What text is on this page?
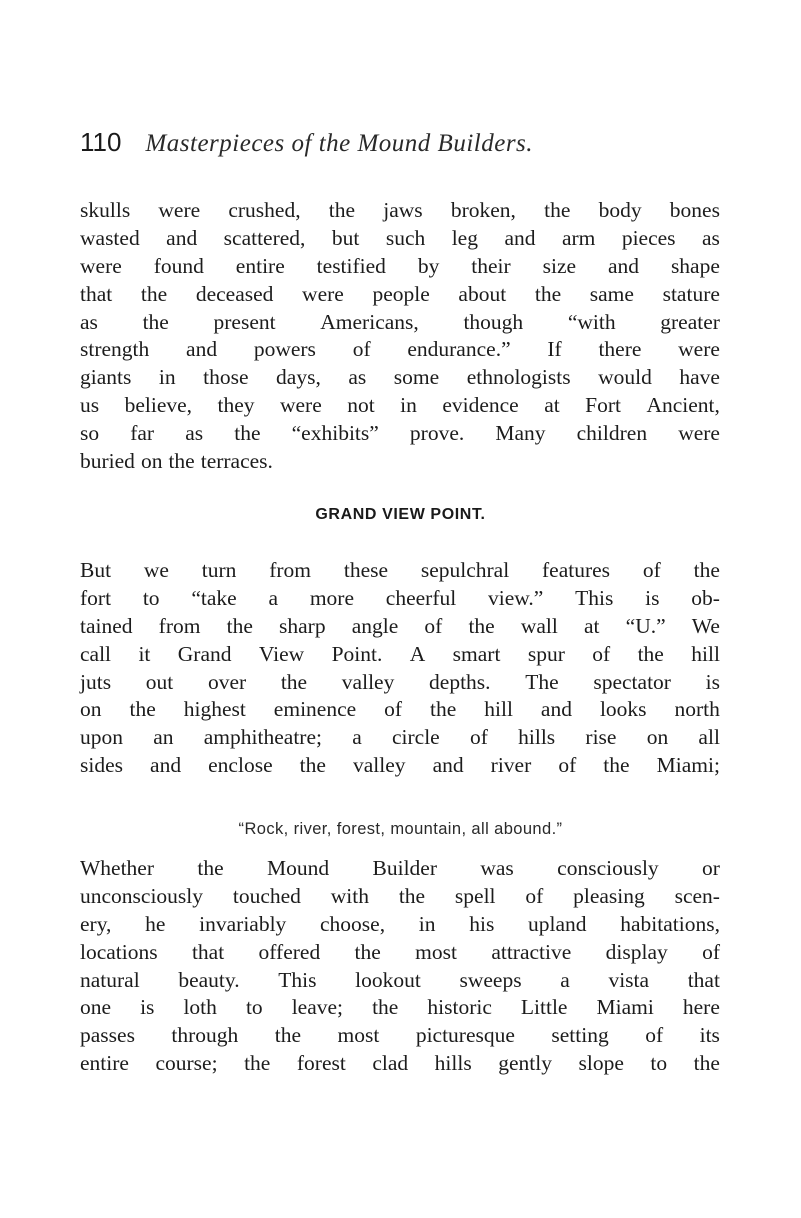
110 Masterpieces of the Mound Builders.
skulls were crushed, the jaws broken, the body bones
wasted and scattered, but such leg and arm pieces as
were found entire testified by their size and shape
that the deceased were people about the same stature
as the present Americans, though “with greater
strength and powers of endurance.” If there were
giants in those days, as some ethnologists would have
us believe, they were not in evidence at Fort Ancient,
so far as the “exhibits” prove. Many children were
buried on the terraces.
GRAND VIEW POINT.
But we turn from these sepulchral features of the
fort to “take a more cheerful view.” This is ob-
tained from the sharp angle of the wall at “U.” We
call it Grand View Point. A smart spur of the hill
juts out over the valley depths. The spectator is
on the highest eminence of the hill and looks north
upon an amphitheatre; a circle of hills rise on all
sides and enclose the valley and river of the Miami;
“Rock, river, forest, mountain, all abound.”
Whether the Mound Builder was consciously or
unconsciously touched with the spell of pleasing scen-
ery, he invariably choose, in his upland habitations,
locations that offered the most attractive display of
natural beauty. This lookout sweeps a vista that
one is loth to leave; the historic Little Miami here
passes through the most picturesque setting of its
entire course; the forest clad hills gently slope to the
